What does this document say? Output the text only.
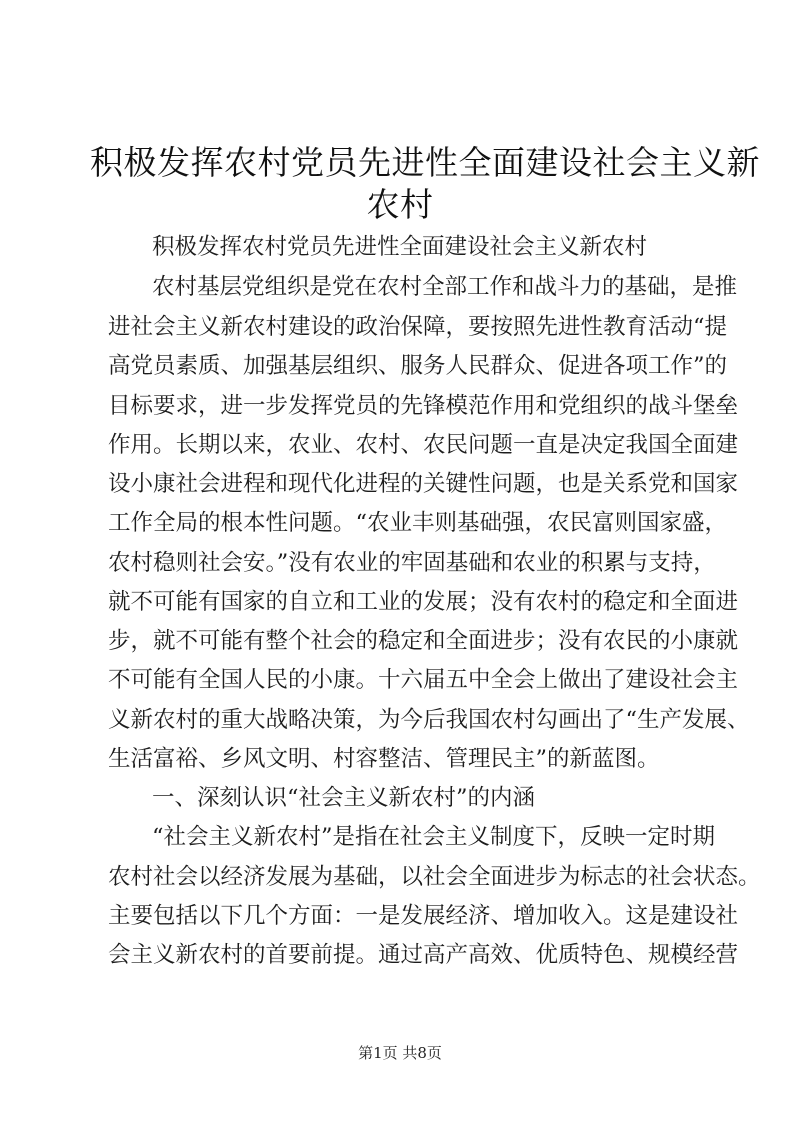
积极发挥农村党员先进性全面建设社会主义新
农村
积极发挥农村党员先进性全面建设社会主义新农村
农村基层党组织是党在农村全部工作和战斗力的基础，是推
进社会主义新农村建设的政治保障，要按照先进性教育活动“提
高党员素质、加强基层组织、服务人民群众、促进各项工作”的
目标要求，进一步发挥党员的先锋模范作用和党组织的战斗堡垒
作用。长期以来，农业、农村、农民问题一直是决定我国全面建
设小康社会进程和现代化进程的关键性问题，也是关系党和国家
工作全局的根本性问题。“农业丰则基础强，农民富则国家盛，
农村稳则社会安。”没有农业的牢固基础和农业的积累与支持，
就不可能有国家的自立和工业的发展；没有农村的稳定和全面进
步，就不可能有整个社会的稳定和全面进步；没有农民的小康就
不可能有全国人民的小康。十六届五中全会上做出了建设社会主
义新农村的重大战略决策，为今后我国农村勾画出了“生产发展、
生活富裕、乡风文明、村容整洁、管理民主”的新蓝图。
一、深刻认识“社会主义新农村”的内涵
“社会主义新农村”是指在社会主义制度下，反映一定时期
农村社会以经济发展为基础，以社会全面进步为标志的社会状态。
主要包括以下几个方面：一是发展经济、增加收入。这是建设社
会主义新农村的首要前提。通过高产高效、优质特色、规模经营
第1页 共8页
